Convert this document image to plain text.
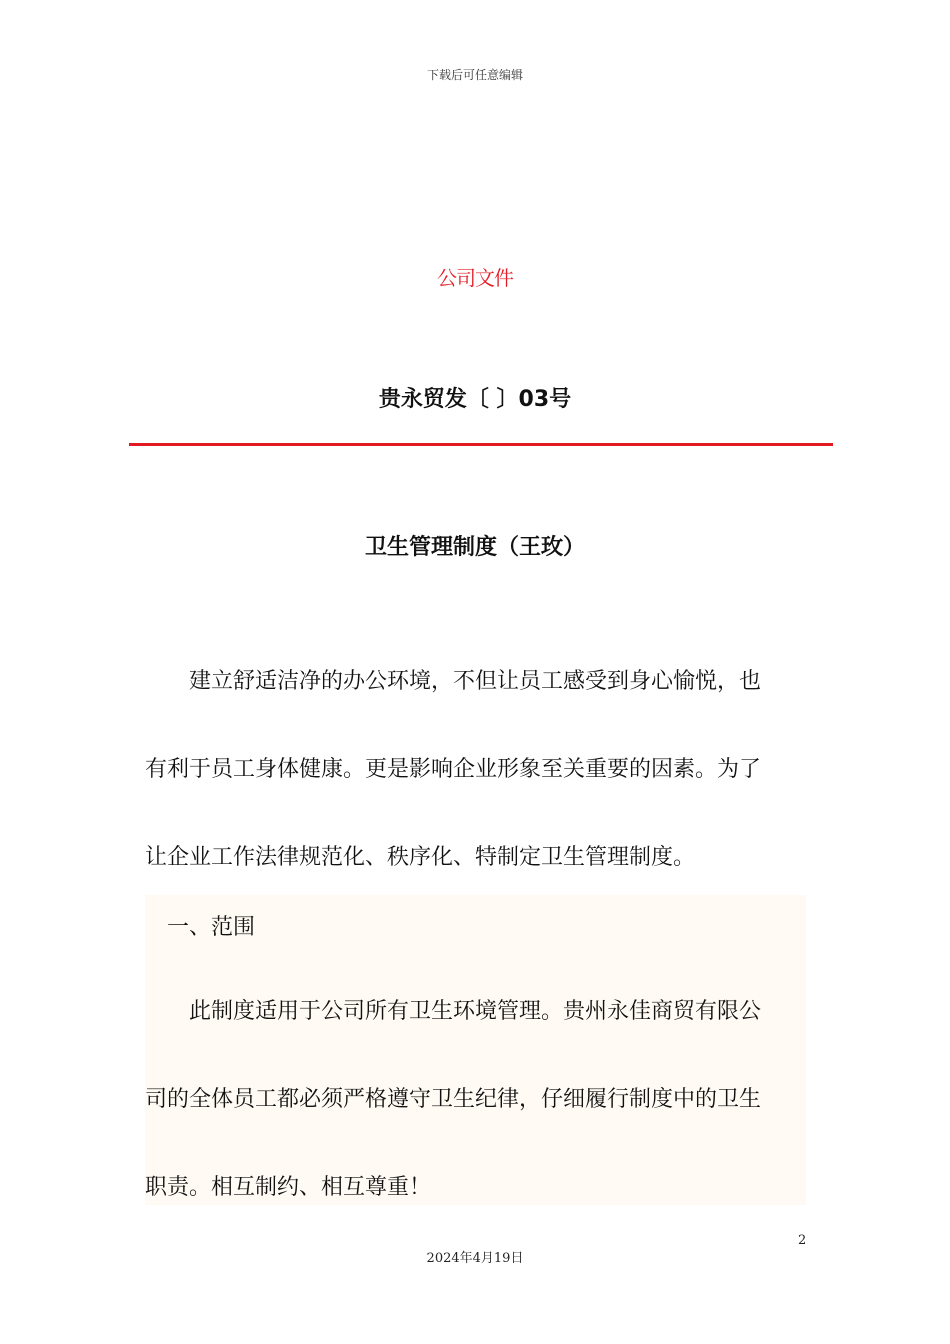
下载后可任意编辑
公司文件
贵永贸发〔 〕03号
卫生管理制度（王玫）
　　建立舒适洁净的办公环境，不但让员工感受到身心愉悦，也
有利于员工身体健康。更是影响企业形象至关重要的因素。为了
让企业工作法律规范化、秩序化、特制定卫生管理制度。
　一、范围
　　此制度适用于公司所有卫生环境管理。贵州永佳商贸有限公
司的全体员工都必须严格遵守卫生纪律，仔细履行制度中的卫生
职责。相互制约、相互尊重！
2
2024年4月19日
